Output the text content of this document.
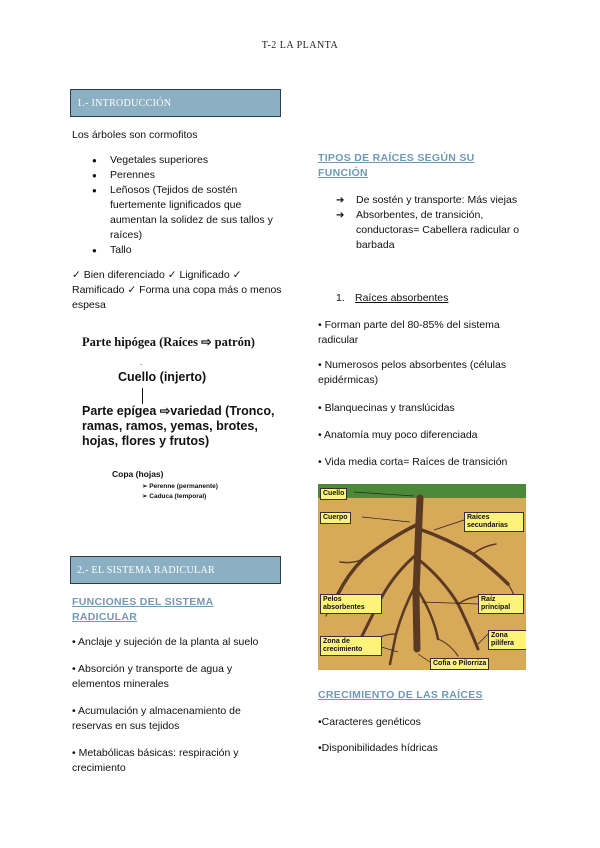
T-2 LA PLANTA
1.- INTRODUCCIÓN
Los árboles son cormofitos
● Vegetales superiores
● Perennes
● Leñosos (Tejidos de sostén fuertemente lignificados que aumentan la solidez de sus tallos y raíces)
● Tallo
✓ Bien diferenciado ✓ Lignificado ✓ Ramificado ✓ Forma una copa más o menos espesa
Parte hipógea (Raíces ⇨ patrón)
.
Cuello (injerto)
Parte epígea ⇨variedad (Tronco, ramas, ramos, yemas, brotes, hojas, flores y frutos)
Copa (hojas)
➢ Perenne (permanente)
➢ Caduca (temporal)
2.- EL SISTEMA RADICULAR
FUNCIONES DEL SISTEMA RADICULAR
• Anclaje y sujeción de la planta al suelo
• Absorción y transporte de agua y elementos minerales
• Acumulación y almacenamiento de reservas en sus tejidos
• Metabólicas básicas: respiración y crecimiento
TIPOS DE RAÍCES SEGÚN SU FUNCIÓN
➔ De sostén y transporte: Más viejas
➔ Absorbentes, de transición, conductoras= Cabellera radicular o barbada
1. Raíces absorbentes
• Forman parte del 80-85% del sistema radicular
• Numerosos pelos absorbentes (células epidérmicas)
• Blanquecinas y translúcidas
• Anatomía muy poco diferenciada
• Vida media corta= Raíces de transición
Cuello
Cuerpo	Raíces secundarias
Pelos absorbentes
Raíz principal
Zona pilífera
Zona de crecimiento
Cofia o Pilorriza
CRECIMIENTO DE LAS RAÍCES
•Caracteres genéticos
•Disponibilidades hídricas
